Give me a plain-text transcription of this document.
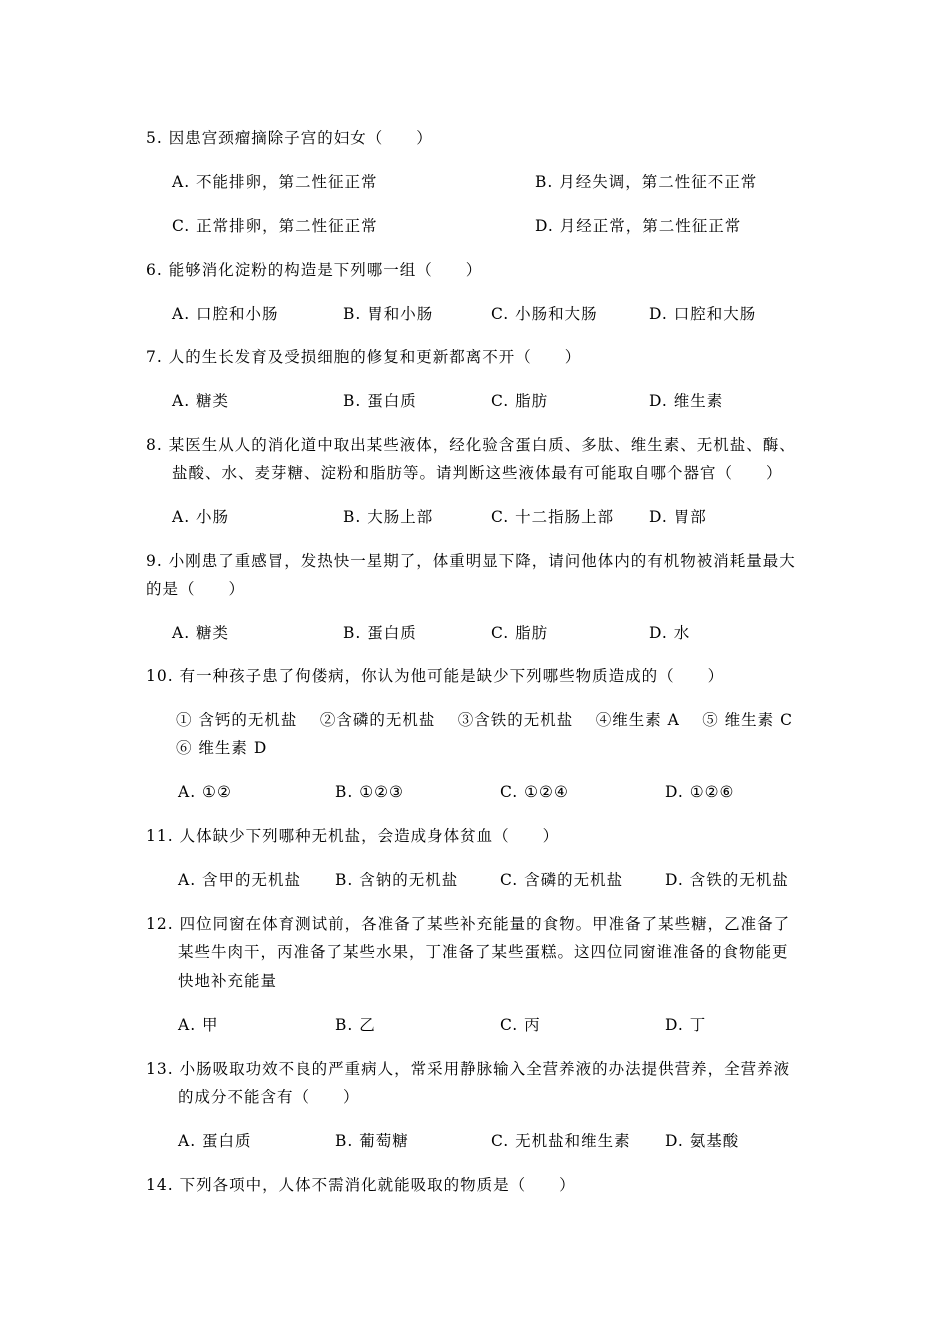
5. 因患宫颈瘤摘除子宫的妇女（　　）
A. 不能排卵，第二性征正常	B. 月经失调，第二性征不正常
C. 正常排卵，第二性征正常	D. 月经正常，第二性征正常
6. 能够消化淀粉的构造是下列哪一组（　　）
A. 口腔和小肠	B. 胃和小肠	C. 小肠和大肠	D. 口腔和大肠
7. 人的生长发育及受损细胞的修复和更新都离不开（　　）
A. 糖类	B. 蛋白质	C. 脂肪	D. 维生素
8. 某医生从人的消化道中取出某些液体，经化验含蛋白质、多肽、维生素、无机盐、酶、
盐酸、水、麦芽糖、淀粉和脂肪等。请判断这些液体最有可能取自哪个器官（　　）
A. 小肠	B. 大肠上部	C. 十二指肠上部 D. 胃部
9. 小刚患了重感冒，发热快一星期了，体重明显下降，请问他体内的有机物被消耗量最大
的是（　　）
A. 糖类	B. 蛋白质	C. 脂肪	D. 水
10. 有一种孩子患了佝偻病，你认为他可能是缺少下列哪些物质造成的（　　）
① 含钙的无机盐　 ②含磷的无机盐　 ③含铁的无机盐　 ④维生素 A　 ⑤ 维生素 C
⑥ 维生素 D
A. ①②	B. ①②③	C. ①②④	D. ①②⑥
11. 人体缺少下列哪种无机盐，会造成身体贫血（　　）
A. 含甲的无机盐 B. 含钠的无机盐	C. 含磷的无机盐	D. 含铁的无机盐
12. 四位同窗在体育测试前，各准备了某些补充能量的食物。甲准备了某些糖，乙准备了
某些牛肉干，丙准备了某些水果，丁准备了某些蛋糕。这四位同窗谁准备的食物能更
快地补充能量
A. 甲	B. 乙	C. 丙	D. 丁
13. 小肠吸取功效不良的严重病人，常采用静脉输入全营养液的办法提供营养，全营养液
的成分不能含有（　　）
A. 蛋白质	B. 葡萄糖	C. 无机盐和维生素 D. 氨基酸
14. 下列各项中，人体不需消化就能吸取的物质是（　　）
